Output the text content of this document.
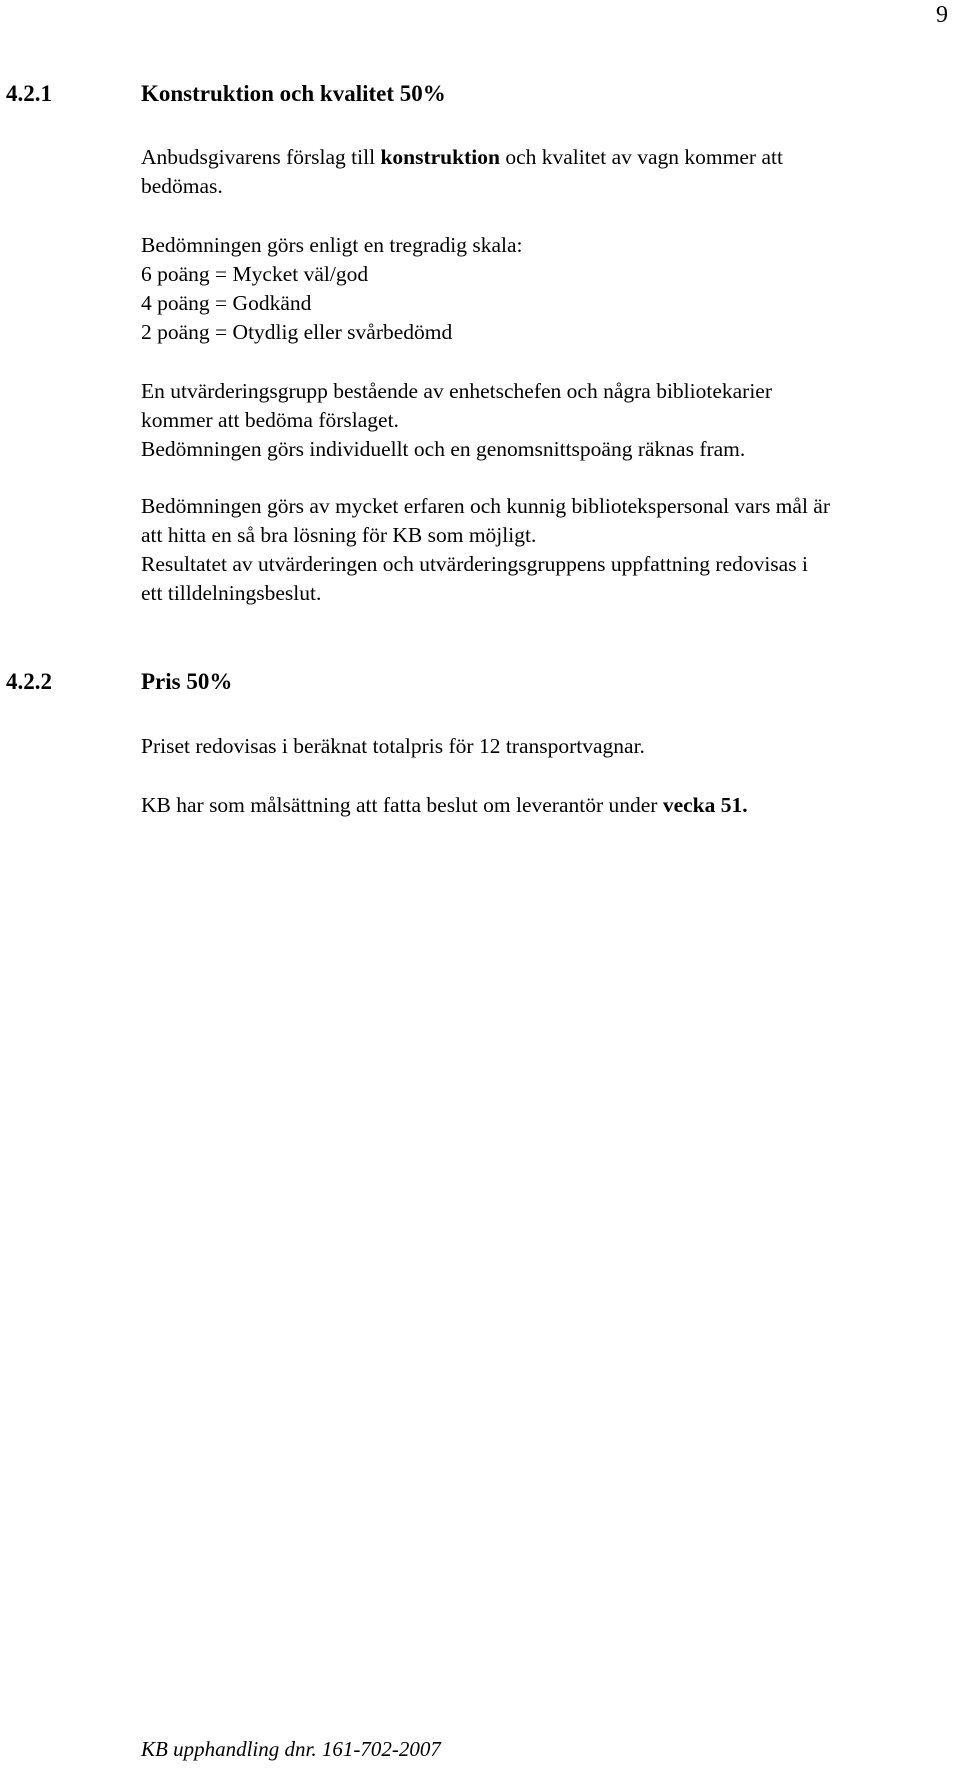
9
4.2.1	Konstruktion och kvalitet 50%

Anbudsgivarens förslag till konstruktion och kvalitet av vagn kommer att
bedömas.

Bedömningen görs enligt en tregradig skala:
6 poäng = Mycket väl/god
4 poäng = Godkänd
2 poäng = Otydlig eller svårbedömd

En utvärderingsgrupp bestående av enhetschefen och några bibliotekarier
kommer att bedöma förslaget.
Bedömningen görs individuellt och en genomsnittspoäng räknas fram.

Bedömningen görs av mycket erfaren och kunnig bibliotekspersonal vars mål är
att hitta en så bra lösning för KB som möjligt.
Resultatet av utvärderingen och utvärderingsgruppens uppfattning redovisas i
ett tilldelningsbeslut.

4.2.2	Pris 50%

Priset redovisas i beräknat totalpris för 12 transportvagnar.

KB har som målsättning att fatta beslut om leverantör under vecka 51.

KB upphandling dnr. 161-702-2007
